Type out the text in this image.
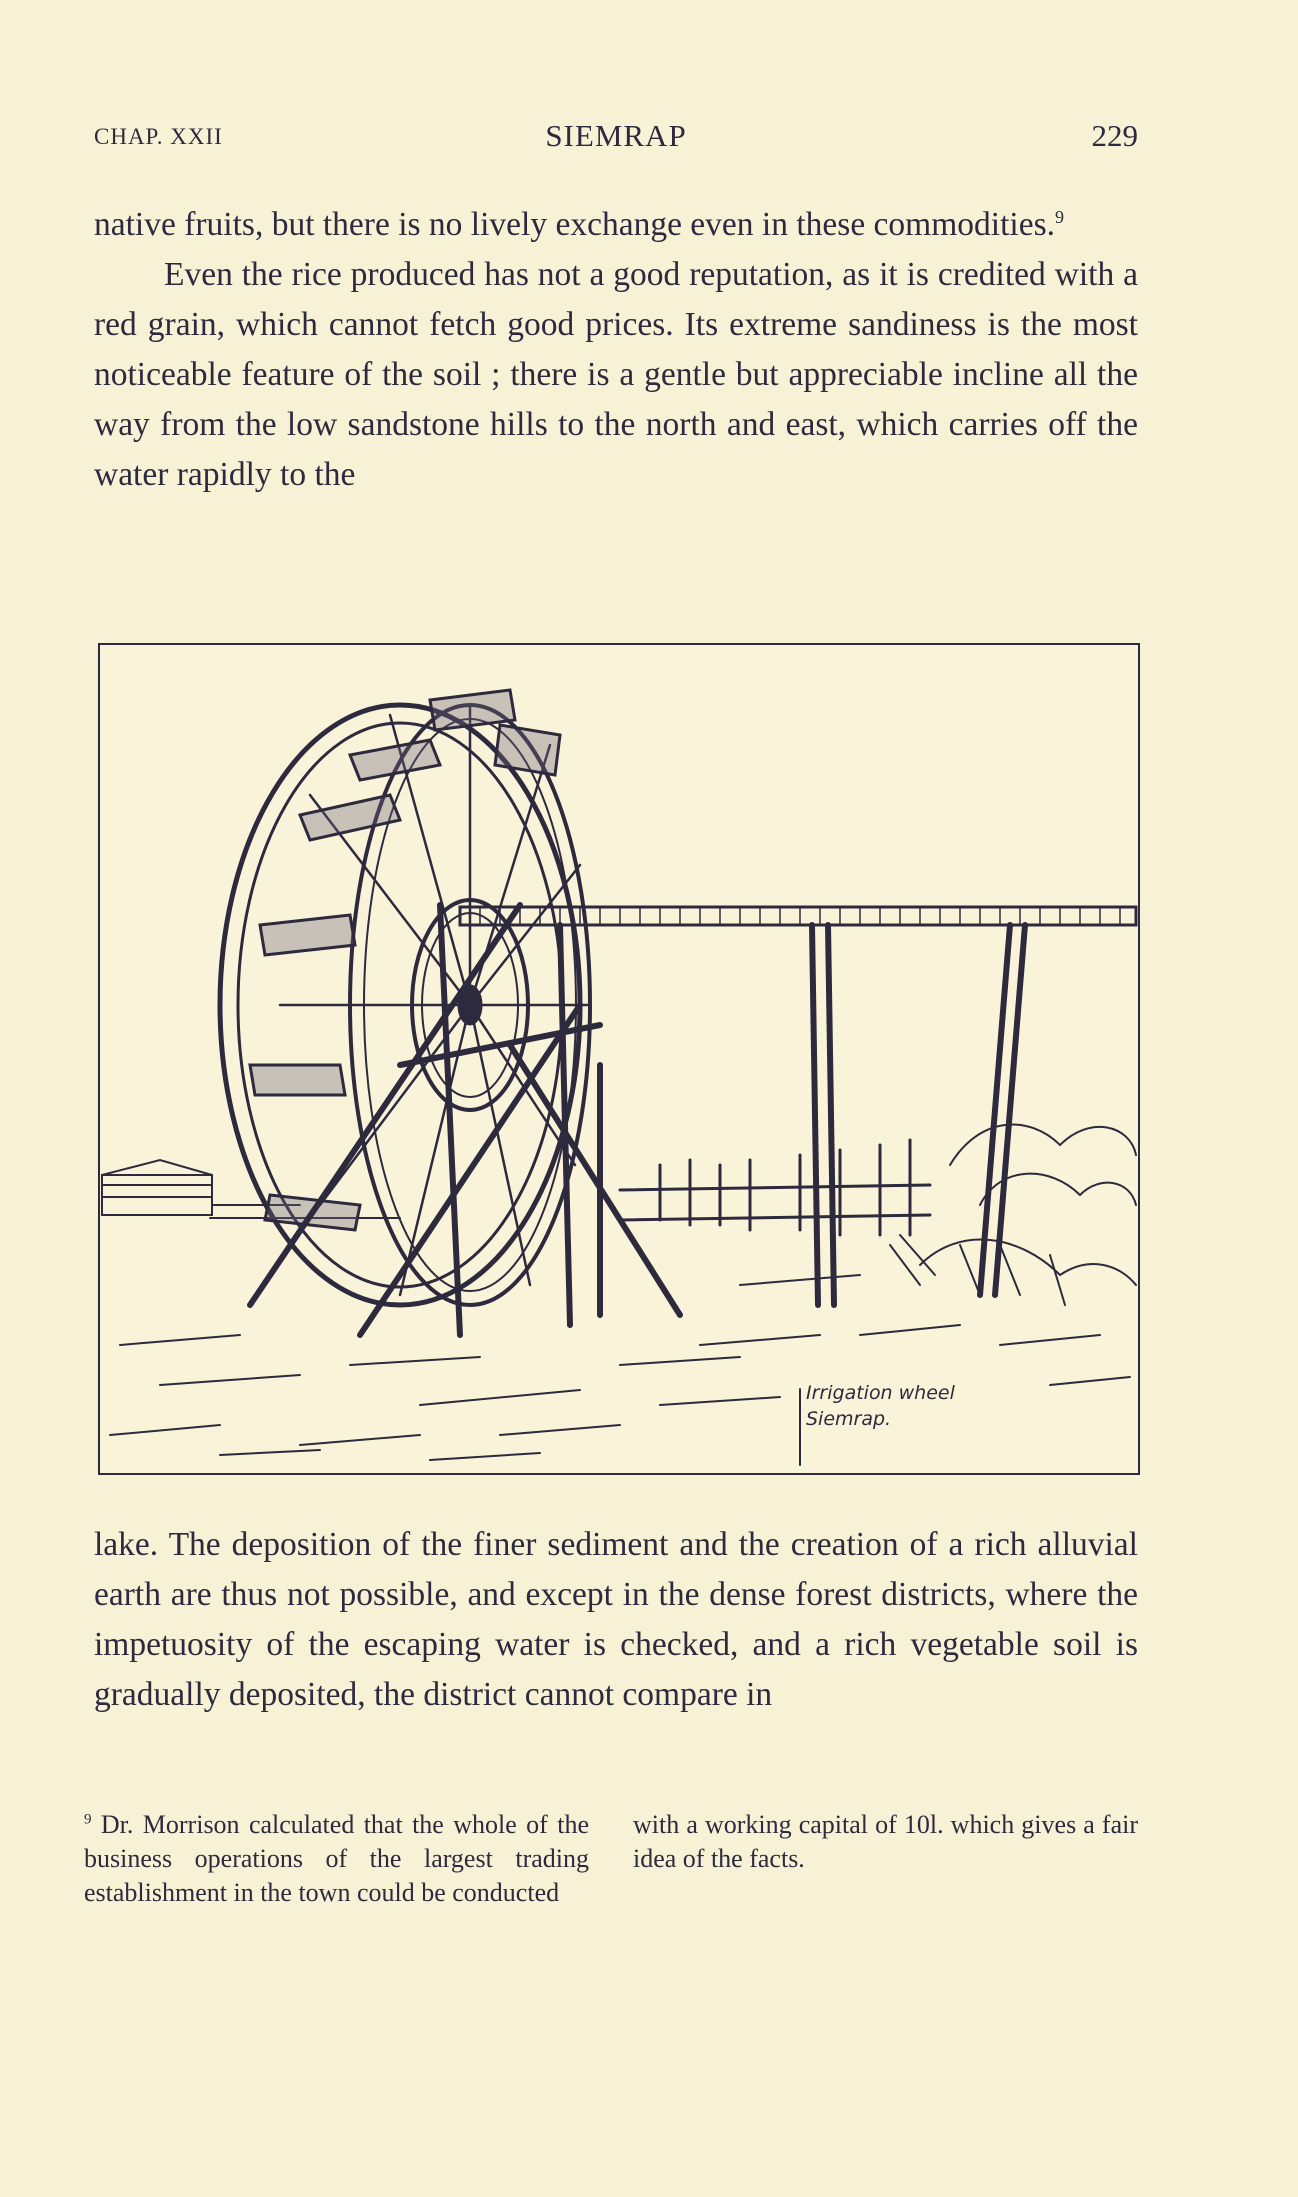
CHAP. XXII	SIEMRAP	229

native fruits, but there is no lively exchange even in these commodities.$^9$

Even the rice produced has not a good reputation, as it is credited with a red grain, which cannot fetch good prices. Its extreme sandiness is the most noticeable feature of the soil ; there is a gentle but appreciable incline all the way from the low sandstone hills to the north and east, which carries off the water rapidly to the

Irrigation wheel
Siemrap.

lake. The deposition of the finer sediment and the creation of a rich alluvial earth are thus not possible, and except in the dense forest districts, where the impetuosity of the escaping water is checked, and a rich vegetable soil is gradually deposited, the district cannot compare in

$^9$ Dr. Morrison calculated that the whole of the business operations of the largest trading establishment in the town could be conducted
with a working capital of 10l. which gives a fair idea of the facts.
